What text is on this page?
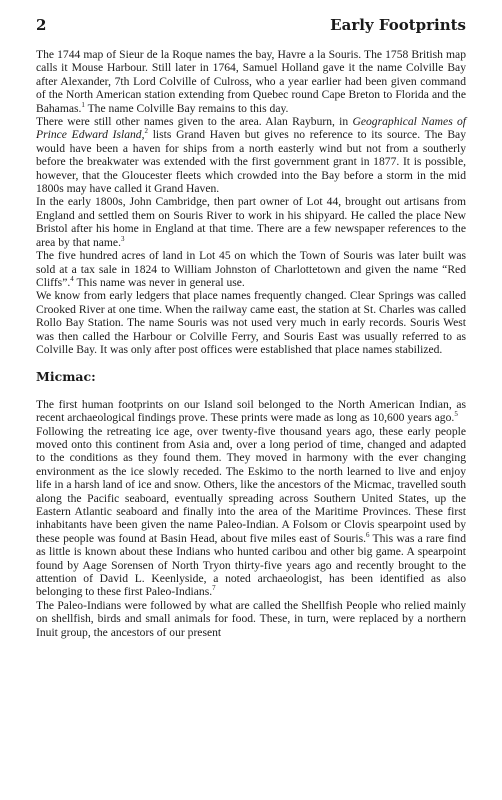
2	Early Footprints

The 1744 map of Sieur de la Roque names the bay, Havre a la Souris. The 1758 British map calls it Mouse Harbour. Still later in 1764, Samuel Holland gave it the name Colville Bay after Alexander, 7th Lord Colville of Culross, who a year earlier had been given command of the North American station extending from Quebec round Cape Breton to Florida and the Bahamas.$^1$ The name Colville Bay remains to this day.

There were still other names given to the area. Alan Rayburn, in Geographical Names of Prince Edward Island,$^2$ lists Grand Haven but gives no reference to its source. The Bay would have been a haven for ships from a north easterly wind but not from a southerly before the breakwater was extended with the first government grant in 1877. It is possible, however, that the Gloucester fleets which crowded into the Bay before a storm in the mid 1800s may have called it Grand Haven.

In the early 1800s, John Cambridge, then part owner of Lot 44, brought out artisans from England and settled them on Souris River to work in his shipyard. He called the place New Bristol after his home in England at that time. There are a few newspaper references to the area by that name.$^3$

The five hundred acres of land in Lot 45 on which the Town of Souris was later built was sold at a tax sale in 1824 to William Johnston of Charlottetown and given the name “Red Cliffs”.$^4$ This name was never in general use.

We know from early ledgers that place names frequently changed. Clear Springs was called Crooked River at one time. When the railway came east, the station at St. Charles was called Rollo Bay Station. The name Souris was not used very much in early records. Souris West was then called the Harbour or Colville Ferry, and Souris East was usually referred to as Colville Bay. It was only after post offices were established that place names stabilized.

Micmac:

The first human footprints on our Island soil belonged to the North American Indian, as recent archaeological findings prove. These prints were made as long as 10,600 years ago.$^5$

Following the retreating ice age, over twenty-five thousand years ago, these early people moved onto this continent from Asia and, over a long period of time, changed and adapted to the conditions as they found them. They moved in harmony with the ever changing environment as the ice slowly receded. The Eskimo to the north learned to live and enjoy life in a harsh land of ice and snow. Others, like the ancestors of the Micmac, travelled south along the Pacific seaboard, eventually spreading across Southern United States, up the Eastern Atlantic seaboard and finally into the area of the Maritime Provinces. These first inhabitants have been given the name Paleo-Indian. A Folsom or Clovis spearpoint used by these people was found at Basin Head, about five miles east of Souris.$^6$ This was a rare find as little is known about these Indians who hunted caribou and other big game. A spearpoint found by Aage Sorensen of North Tryon thirty-five years ago and recently brought to the attention of David L. Keenlyside, a noted archaeologist, has been identified as also belonging to these first Paleo-Indians.$^7$

The Paleo-Indians were followed by what are called the Shellfish People who relied mainly on shellfish, birds and small animals for food. These, in turn, were replaced by a northern Inuit group, the ancestors of our present
